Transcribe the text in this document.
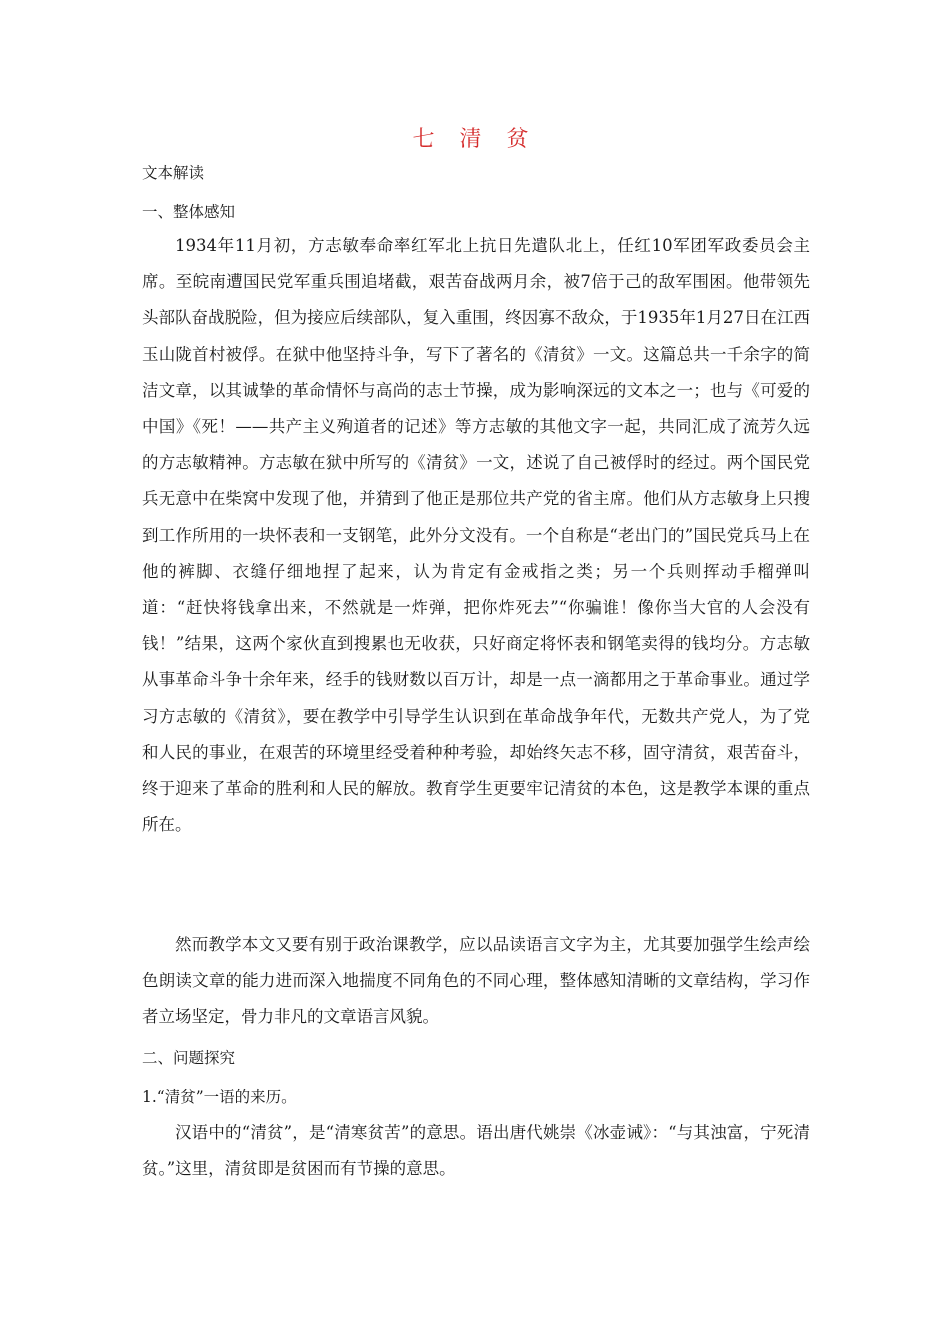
七 清 贫
文本解读
一、整体感知
1934年11月初，方志敏奉命率红军北上抗日先遣队北上，任红10军团军政委员会主席。至皖南遭国民党军重兵围追堵截，艰苦奋战两月余，被7倍于己的敌军围困。他带领先头部队奋战脱险，但为接应后续部队，复入重围，终因寡不敌众，于1935年1月27日在江西玉山陇首村被俘。在狱中他坚持斗争，写下了著名的《清贫》一文。这篇总共一千余字的简洁文章，以其诚挚的革命情怀与高尚的志士节操，成为影响深远的文本之一；也与《可爱的中国》《死！——共产主义殉道者的记述》等方志敏的其他文字一起，共同汇成了流芳久远的方志敏精神。方志敏在狱中所写的《清贫》一文，述说了自己被俘时的经过。两个国民党兵无意中在柴窝中发现了他，并猜到了他正是那位共产党的省主席。他们从方志敏身上只搜到工作所用的一块怀表和一支钢笔，此外分文没有。一个自称是“老出门的”国民党兵马上在他的裤脚、衣缝仔细地捏了起来，认为肯定有金戒指之类；另一个兵则挥动手榴弹叫道：“赶快将钱拿出来，不然就是一炸弹，把你炸死去”“你骗谁！像你当大官的人会没有钱！”结果，这两个家伙直到搜累也无收获，只好商定将怀表和钢笔卖得的钱均分。方志敏从事革命斗争十余年来，经手的钱财数以百万计，却是一点一滴都用之于革命事业。通过学习方志敏的《清贫》，要在教学中引导学生认识到在革命战争年代，无数共产党人，为了党和人民的事业，在艰苦的环境里经受着种种考验，却始终矢志不移，固守清贫，艰苦奋斗，终于迎来了革命的胜利和人民的解放。教育学生更要牢记清贫的本色，这是教学本课的重点所在。
然而教学本文又要有别于政治课教学，应以品读语言文字为主，尤其要加强学生绘声绘色朗读文章的能力进而深入地揣度不同角色的不同心理，整体感知清晰的文章结构，学习作者立场坚定，骨力非凡的文章语言风貌。
二、问题探究
1.“清贫”一语的来历。
汉语中的“清贫”，是“清寒贫苦”的意思。语出唐代姚崇《冰壶诫》：“与其浊富，宁死清贫。”这里，清贫即是贫困而有节操的意思。
